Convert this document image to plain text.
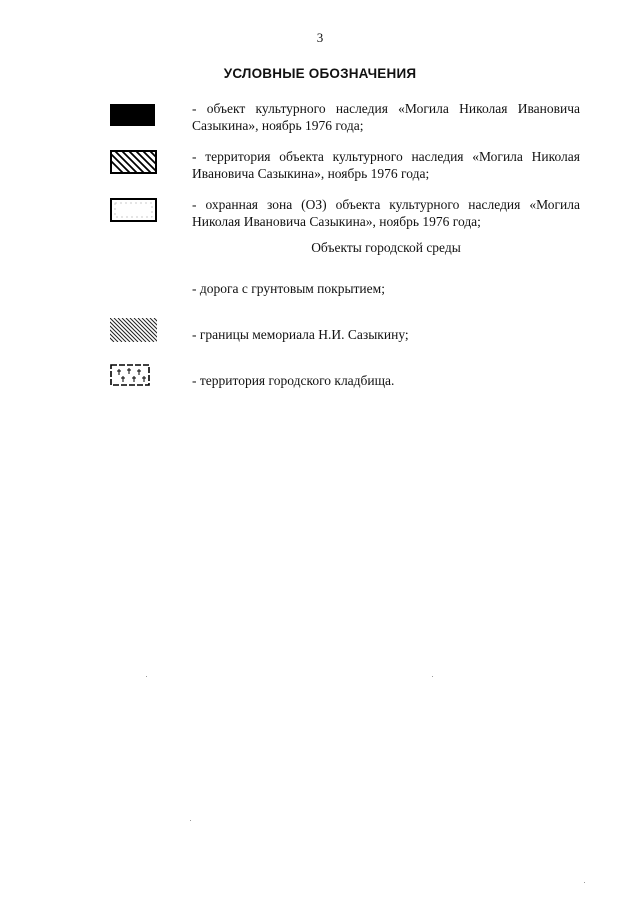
3
УСЛОВНЫЕ ОБОЗНАЧЕНИЯ
- объект культурного наследия «Могила Николая Ивановича Сазыкина», ноябрь 1976 года;
- территория объекта культурного наследия «Могила Николая Ивановича Сазыкина», ноябрь 1976 года;
- охранная зона (ОЗ) объекта культурного наследия «Могила Николая Ивановича Сазыкина», ноябрь 1976 года;
Объекты городской среды
- дорога с грунтовым покрытием;
- границы мемориала Н.И. Сазыкину;
- территория городского кладбища.
